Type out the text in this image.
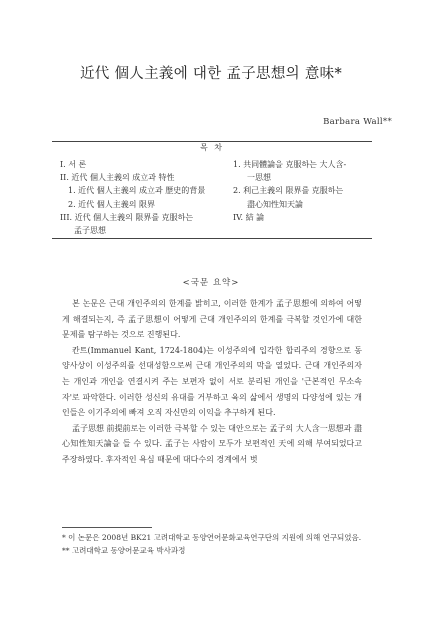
近代 個人主義에 대한 孟子思想의 意味*
Barbara Wall**
목 차
I. 서 론
II. 近代 個人主義의 成立과 特性
1. 近代 個人主義의 成立과 歷史的背景
2. 近代 個人主義의 限界
III. 近代 個人主義의 限界를 克服하는
孟子思想
1. 共同體論을 克服하는 大人含-
一思想
2. 利己主義의 限界를 克服하는
盡心知性知天論
IV. 結 論
<국문 요약>

본 논문은 근대 개인주의의 한계를 밝히고, 이러한 한계가 孟子思想에 의하여 어떻게 해결되는지, 즉 孟子思想이 어떻게 근대 개인주의의 한계를 극복할 것인가에 대한 문제를 탐구하는 것으로 진행된다.

칸트(Immanuel Kant, 1724-1804)는 이성주의에 입각한 합리주의 경향으로 동양사상이 이성주의를 선대성함으로써 근대 개인주의의 막을 열었다. 근대 개인주의자는 개인과 개인을 연결시켜 주는 보편자 없이 서로 분리된 개인을 '근본적인 무소속자'로 파악한다. 이러한 성신의 유대를 거부하고 육의 삶에서 생명의 다양성에 있는 개인들은 이기주의에 빠져 오직 자신만의 이익을 추구하게 된다.

孟子思想 前提前로는 이러한 극복할 수 있는 대안으로는 孟子의 大人含一思想과 盡心知性知天論을 들 수 있다. 孟子는 사람이 모두가 보편적인 天에 의해 부여되었다고 주장하였다. 후자적인 욕심 때문에 대다수의 경계에서 벗

* 이 논문은 2008년 BK21 고려대학교 동양연어문화교육연구단의 지원에 의해 연구되었음.
** 고려대학교 동양어문교육 박사과정
